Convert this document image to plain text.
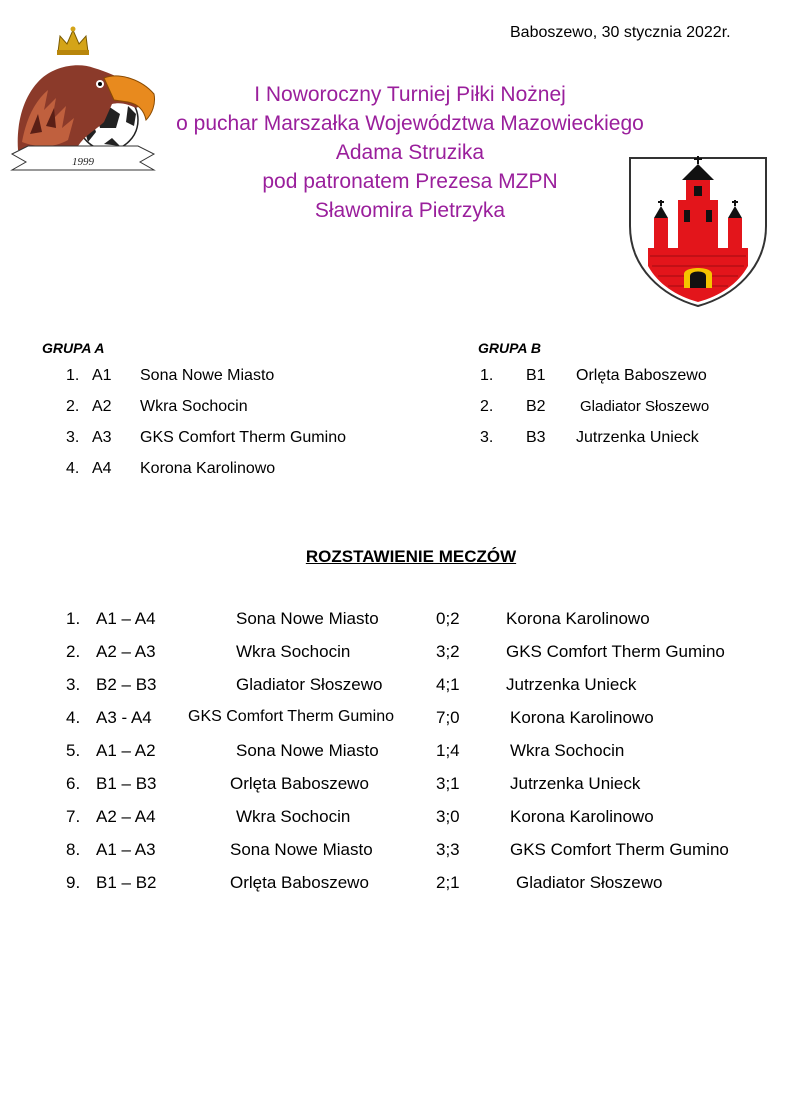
Baboszewo, 30 stycznia 2022r.
1999
I Noworoczny Turniej Piłki Nożnej
o puchar Marszałka Województwa Mazowieckiego
Adama Struzika
pod patronatem Prezesa MZPN
Sławomira Pietrzyka
GRUPA A
1. A1 Sona Nowe Miasto
2. A2 Wkra Sochocin
3. A3 GKS Comfort Therm Gumino
4. A4 Korona Karolinowo
GRUPA B
1. B1 Orlęta Baboszewo
2. B2 Gladiator Słoszewo
3. B3 Jutrzenka Unieck
ROZSTAWIENIE MECZÓW
1. A1 – A4	Sona Nowe Miasto	0;2	Korona Karolinowo
2. A2 – A3	Wkra Sochocin	3;2	GKS Comfort Therm Gumino
3. B2 – B3	Gladiator Słoszewo	4;1	Jutrzenka Unieck
4. A3 - A4 GKS Comfort Therm Gumino 7;0	Korona Karolinowo
5. A1 – A2	Sona Nowe Miasto	1;4	Wkra Sochocin
6. B1 – B3	Orlęta Baboszewo	3;1	Jutrzenka Unieck
7. A2 – A4	Wkra Sochocin	3;0	Korona Karolinowo
8. A1 – A3	Sona Nowe Miasto	3;3	GKS Comfort Therm Gumino
9. B1 – B2	Orlęta Baboszewo	2;1	Gladiator Słoszewo
